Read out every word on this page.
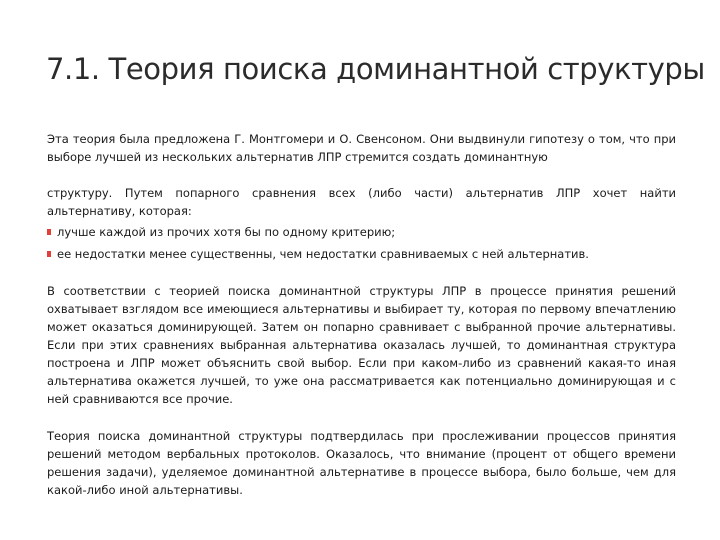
7.1. Теория поиска доминантной структуры

Эта теория была предложена Г. Монтгомери и О. Свенсоном. Они выдвинули гипотезу о том, что при выборе лучшей из нескольких альтернатив ЛПР стремится создать доминантную

структуру. Путем попарного сравнения всех (либо части) альтернатив ЛПР хочет найти альтернативу, которая:

лучше каждой из прочих хотя бы по одному критерию;
ее недостатки менее существенны, чем недостатки сравниваемых с ней альтернатив.

В соответствии с теорией поиска доминантной структуры ЛПР в процессе принятия решений охватывает взглядом все имеющиеся альтернативы и выбирает ту, которая по первому впечатлению может оказаться доминирующей. Затем он попарно сравнивает с выбранной прочие альтернативы. Если при этих сравнениях выбранная альтернатива оказалась лучшей, то доминантная структура построена и ЛПР может объяснить свой выбор. Если при каком-либо из сравнений какая-то иная альтернатива окажется лучшей, то уже она рассматривается как потенциально доминирующая и с ней сравниваются все прочие.

Теория поиска доминантной структуры подтвердилась при прослеживании процессов принятия решений методом вербальных протоколов. Оказалось, что внимание (процент от общего времени решения задачи), уделяемое доминантной альтернативе в процессе выбора, было больше, чем для какой-либо иной альтернативы.
